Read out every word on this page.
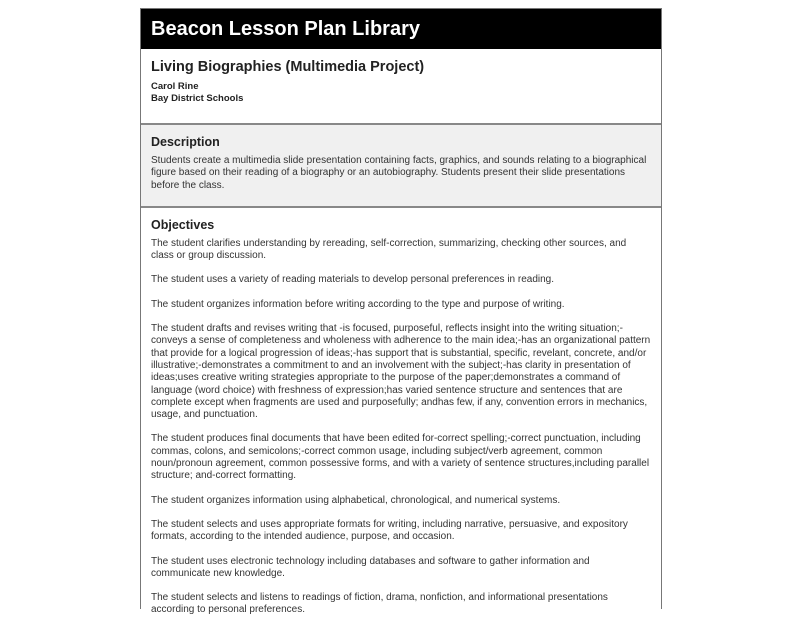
Beacon Lesson Plan Library
Living Biographies (Multimedia Project)
Carol Rine
Bay District Schools
Description

Students create a multimedia slide presentation containing facts, graphics, and sounds relating to a biographical figure based on their reading of a biography or an autobiography. Students present their slide presentations before the class.

Objectives

The student clarifies understanding by rereading, self-correction, summarizing, checking other sources, and class or group discussion.

The student uses a variety of reading materials to develop personal preferences in reading.

The student organizes information before writing according to the type and purpose of writing.

The student drafts and revises writing that -is focused, purposeful, reflects insight into the writing situation;-conveys a sense of completeness and wholeness with adherence to the main idea;-has an organizational pattern that provide for a logical progression of ideas;-has support that is substantial, specific, revelant, concrete, and/or illustrative;-demonstrates a commitment to and an involvement with the subject;-has clarity in presentation of ideas;uses creative writing strategies appropriate to the purpose of the paper;demonstrates a command of language (word choice) with freshness of expression;has varied sentence structure and sentences that are complete except when fragments are used and purposefully; andhas few, if any, convention errors in mechanics, usage, and punctuation.

The student produces final documents that have been edited for-correct spelling;-correct punctuation, including commas, colons, and semicolons;-correct common usage, including subject/verb agreement, common noun/pronoun agreement, common possessive forms, and with a variety of sentence structures,including parallel structure; and-correct formatting.

The student organizes information using alphabetical, chronological, and numerical systems.

The student selects and uses appropriate formats for writing, including narrative, persuasive, and expository formats, according to the intended audience, purpose, and occasion.

The student uses electronic technology including databases and software to gather information and communicate new knowledge.

The student selects and listens to readings of fiction, drama, nonfiction, and informational presentations according to personal preferences.
